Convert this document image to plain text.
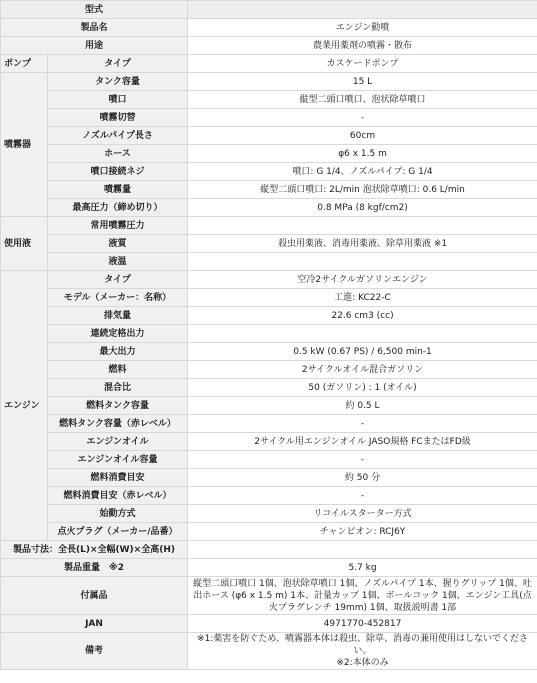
型式		
製品名		エンジン動噴
用途		農業用薬剤の噴霧・散布
ポンプ	タイプ	カスケードポンプ
噴霧器	タンク容量	15 L
	噴口	縦型二頭口噴口、泡状除草噴口
	噴霧切替	-
	ノズルパイプ長さ	60cm
	ホース	φ6 x 1.5 m
	噴口接続ネジ	噴口: G 1/4、ノズルパイプ: G 1/4
	噴霧量	縦型二頭口噴口: 2L/min 泡状除草噴口: 0.6 L/min
	最高圧力（締め切り）	0.8 MPa (8 kgf/cm2)
使用液	常用噴霧圧力	
	液質	殺虫用薬液、消毒用薬液、除草用薬液 ※1
	液温	
エンジン	タイプ	空冷2サイクルガソリンエンジン
	モデル（メーカー：名称）	工進: KC22-C
	排気量	22.6 cm3 (cc)
	連続定格出力	
	最大出力	0.5 kW (0.67 PS) / 6,500 min-1
	燃料	2サイクルオイル混合ガソリン
	混合比	50 (ガソリン) : 1 (オイル)
	燃料タンク容量	約 0.5 L
	燃料タンク容量（赤レベル）	-
	エンジンオイル	2サイクル用エンジンオイル JASO規格 FCまたはFD級
	エンジンオイル容量	-
	燃料消費目安	約 50 分
	燃料消費目安（赤レベル）	-
	始動方式	リコイルスターター方式
	点火プラグ（メーカー/品番）	チャンピオン: RCJ6Y
製品寸法：全長(L)×全幅(W)×全高(H)		
製品重量　※2		5.7 kg
付属品		縦型二頭口噴口 1個、泡状除草噴口 1個、ノズルパイプ 1本、握りグリップ 1個、吐出ホース (φ6 x 1.5 m) 1本、計量カップ 1個、ボールコック 1個、エンジン工具(点火プラグレンチ 19mm) 1個、取扱説明書 1部
JAN		4971770-452817
備考		※1:薬害を防ぐため、噴霧器本体は殺虫、除草、消毒の兼用使用はしないでください。
※2:本体のみ
